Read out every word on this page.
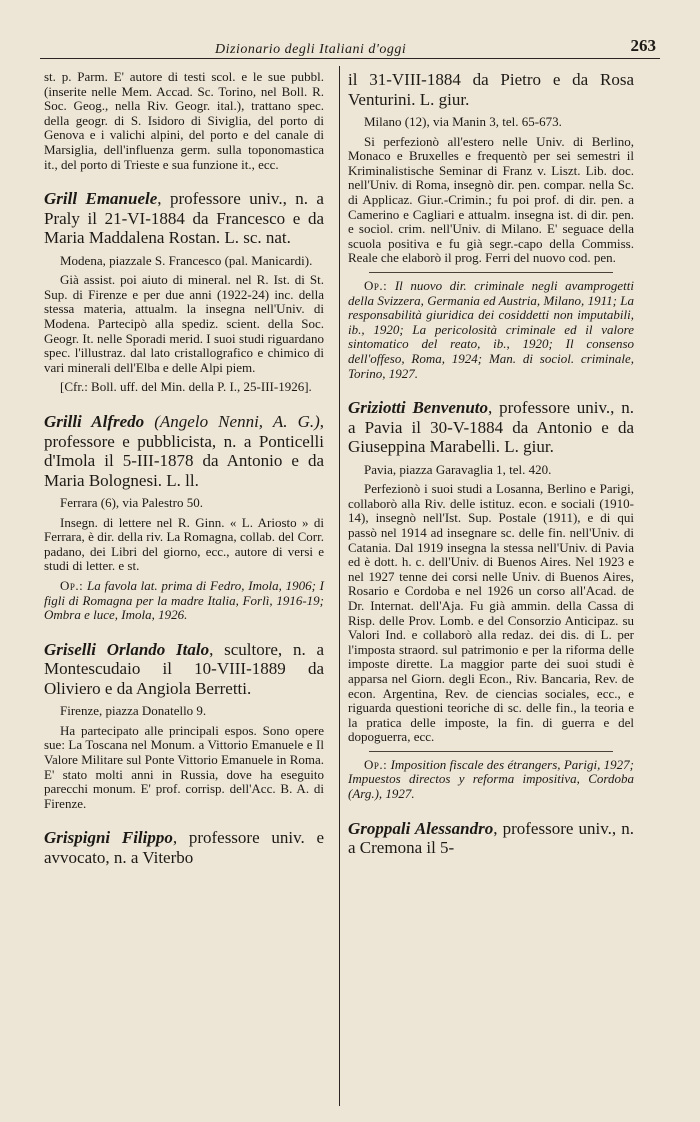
Dizionario degli Italiani d'oggi	263

st. p. Parm. E' autore di testi scol. e le sue pubbl. (inserite nelle Mem. Accad. Sc. Torino, nel Boll. R. Soc. Geog., nella Riv. Geogr. ital.), trattano spec. della geogr. di S. Isidoro di Siviglia, del porto di Genova e i valichi alpini, del porto e del canale di Marsiglia, dell'influenza germ. sulla toponomastica it., del porto di Trieste e sua funzione it., ecc.

Grill Emanuele, professore univ., n. a Praly il 21-VI-1884 da Francesco e da Maria Maddalena Rostan. L. sc. nat.

Modena, piazzale S. Francesco (pal. Manicardi).

Già assist. poi aiuto di mineral. nel R. Ist. di St. Sup. di Firenze e per due anni (1922-24) inc. della stessa materia, attualm. la insegna nell'Univ. di Modena. Partecipò alla spediz. scient. della Soc. Geogr. It. nelle Sporadi merid. I suoi studi riguardano spec. l'illustraz. dal lato cristallografico e chimico di vari minerali dell'Elba e delle Alpi piem.

[Cfr.: Boll. uff. del Min. della P. I., 25-III-1926].

Grilli Alfredo (Angelo Nenni, A. G.), professore e pubblicista, n. a Ponticelli d'Imola il 5-III-1878 da Antonio e da Maria Bolognesi. L. ll.

Ferrara (6), via Palestro 50.

Insegn. di lettere nel R. Ginn. « L. Ariosto » di Ferrara, è dir. della riv. La Romagna, collab. del Corr. padano, dei Libri del giorno, ecc., autore di versi e studi di letter. e st.

Op.: La favola lat. prima di Fedro, Imola, 1906; I figli di Romagna per la madre Italia, Forlì, 1916-19; Ombra e luce, Imola, 1926.

Griselli Orlando Italo, scultore, n. a Montescudaio il 10-VIII-1889 da Oliviero e da Angiola Berretti.

Firenze, piazza Donatello 9.

Ha partecipato alle principali espos. Sono opere sue: La Toscana nel Monum. a Vittorio Emanuele e Il Valore Militare sul Ponte Vittorio Emanuele in Roma. E' stato molti anni in Russia, dove ha eseguito parecchi monum. E' prof. corrisp. dell'Acc. B. A. di Firenze.

Grispigni Filippo, professore univ. e avvocato, n. a Viterbo

il 31-VIII-1884 da Pietro e da Rosa Venturini. L. giur.

Milano (12), via Manin 3, tel. 65-673.

Si perfezionò all'estero nelle Univ. di Berlino, Monaco e Bruxelles e frequentò per sei semestri il Kriminalistische Seminar di Franz v. Liszt. Lib. doc. nell'Univ. di Roma, insegnò dir. pen. compar. nella Sc. di Applicaz. Giur.-Crimin.; fu poi prof. di dir. pen. a Camerino e Cagliari e attualm. insegna ist. di dir. pen. e sociol. crim. nell'Univ. di Milano. E' seguace della scuola positiva e fu già segr.-capo della Commiss. Reale che elaborò il prog. Ferri del nuovo cod. pen.

Op.: Il nuovo dir. criminale negli avamprogetti della Svizzera, Germania ed Austria, Milano, 1911; La responsabilità giuridica dei cosiddetti non imputabili, ib., 1920; La pericolosità criminale ed il valore sintomatico del reato, ib., 1920; Il consenso dell'offeso, Roma, 1924; Man. di sociol. criminale, Torino, 1927.

Griziotti Benvenuto, professore univ., n. a Pavia il 30-V-1884 da Antonio e da Giuseppina Marabelli. L. giur.

Pavia, piazza Garavaglia 1, tel. 420.

Perfezionò i suoi studi a Losanna, Berlino e Parigi, collaborò alla Riv. delle istituz. econ. e sociali (1910-14), insegnò nell'Ist. Sup. Postale (1911), e di qui passò nel 1914 ad insegnare sc. delle fin. nell'Univ. di Catania. Dal 1919 insegna la stessa nell'Univ. di Pavia ed è dott. h. c. dell'Univ. di Buenos Aires. Nel 1923 e nel 1927 tenne dei corsi nelle Univ. di Buenos Aires, Rosario e Cordoba e nel 1926 un corso all'Acad. de Dr. Internat. dell'Aja. Fu già ammin. della Cassa di Risp. delle Prov. Lomb. e del Consorzio Anticipaz. su Valori Ind. e collaborò alla redaz. dei dis. di L. per l'imposta straord. sul patrimonio e per la riforma delle imposte dirette. La maggior parte dei suoi studi è apparsa nel Giorn. degli Econ., Riv. Bancaria, Rev. de econ. Argentina, Rev. de ciencias sociales, ecc., e riguarda questioni teoriche di sc. delle fin., la teoria e la pratica delle imposte, la fin. di guerra e del dopoguerra, ecc.

Op.: Imposition fiscale des étrangers, Parigi, 1927; Impuestos directos y reforma impositiva, Cordoba (Arg.), 1927.

Groppali Alessandro, professore univ., n. a Cremona il 5-
